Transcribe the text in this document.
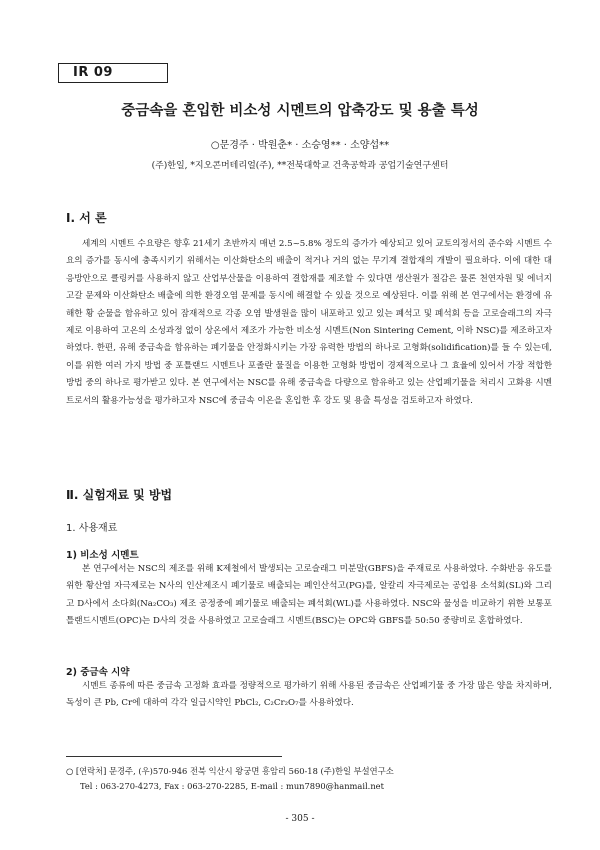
IR 09
중금속을 혼입한 비소성 시멘트의 압축강도 및 용출 특성
○문경주 · 박원춘* · 소승영** · 소양섭**
(주)한일, *지오콘머테리얼(주), **전북대학교 건축공학과 공업기술연구센터
Ⅰ. 서 론

세계의 시멘트 수요량은 향후 21세기 초반까지 매년 2.5~5.8% 정도의 증가가 예상되고 있어 교토의정서의 준수와 시멘트 수요의 증가를 동시에 충족시키기 위해서는 이산화탄소의 배출이 적거나 거의 없는 무기계 결합재의 개발이 필요하다. 이에 대한 대응방안으로 클링커를 사용하지 않고 산업부산물을 이용하여 결합재를 제조할 수 있다면 생산원가 절감은 물론 천연자원 및 에너지 고갈 문제와 이산화탄소 배출에 의한 환경오염 문제를 동시에 해결할 수 있을 것으로 예상된다. 이를 위해 본 연구에서는 환경에 유해한 황 순물을 함유하고 있어 잠재적으로 각종 오염 발생원을 많이 내포하고 있고 있는 폐석고 및 폐석회 등을 고로슬래그의 자극제로 이용하여 고온의 소성과정 없이 상온에서 제조가 가능한 비소성 시멘트(Non Sintering Cement, 이하 NSC)를 제조하고자 하였다. 한편, 유해 중금속을 함유하는 폐기물을 안정화시키는 가장 유력한 방법의 하나로 고형화(solidification)를 들 수 있는데, 이를 위한 여러 가지 방법 중 포틀랜드 시멘트나 포졸란 물질을 이용한 고형화 방법이 경제적으로나 그 효율에 있어서 가장 적합한 방법 중의 하나로 평가받고 있다. 본 연구에서는 NSC를 유해 중금속을 다량으로 함유하고 있는 산업폐기물을 처리시 고화용 시멘트로서의 활용가능성을 평가하고자 NSC에 중금속 이온을 혼입한 후 강도 및 용출 특성을 검토하고자 하였다.

Ⅱ. 실험재료 및 방법
1. 사용재료
1) 비소성 시멘트

본 연구에서는 NSC의 제조를 위해 K제철에서 발생되는 고로슬래그 미분말(GBFS)을 주재료로 사용하였다. 수화반응 유도를 위한 황산염 자극제로는 N사의 인산제조시 폐기물로 배출되는 폐인산석고(PG)를, 알칼리 자극제로는 공업용 소석회(SL)와 그리고 D사에서 소다회(Na₂CO₃) 제조 공정중에 폐기물로 배출되는 폐석회(WL)를 사용하였다. NSC와 물성을 비교하기 위한 보통포틀랜드시멘트(OPC)는 D사의 것을 사용하였고 고로슬래그 시멘트(BSC)는 OPC와 GBFS를 50:50 중량비로 혼합하였다.

2) 중금속 시약

시멘트 종류에 따른 중금속 고정화 효과를 정량적으로 평가하기 위해 사용된 중금속은 산업폐기물 중 가장 많은 양을 차지하며, 독성이 큰 Pb, Cr에 대하여 각각 일급시약인 PbCl₂, C₂Cr₂O₇를 사용하였다.

○ [연락처] 문경주, (우)570-946 전북 익산시 왕궁면 흥암리 560-18 (주)한일 부설연구소
Tel : 063-270-4273, Fax : 063-270-2285, E-mail : mun7890@hanmail.net
- 305 -
